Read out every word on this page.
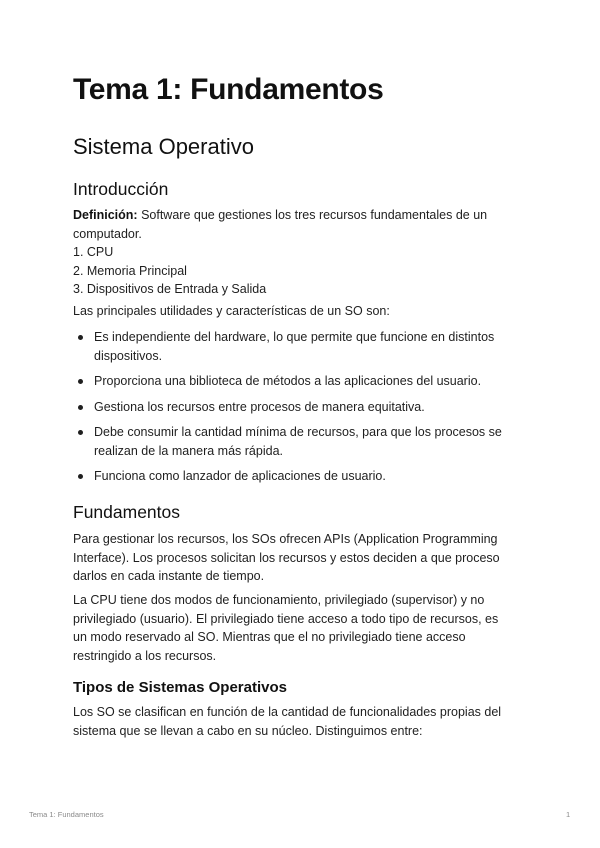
Tema 1: Fundamentos
Sistema Operativo
Introducción
Definición: Software que gestiones los tres recursos fundamentales de un
computador.
1. CPU
2. Memoria Principal
3. Dispositivos de Entrada y Salida

Las principales utilidades y características de un SO son:

Es independiente del hardware, lo que permite que funcione en distintos
dispositivos.
Proporciona una biblioteca de métodos a las aplicaciones del usuario.
Gestiona los recursos entre procesos de manera equitativa.
Debe consumir la cantidad mínima de recursos, para que los procesos se
realizan de la manera más rápida.
Funciona como lanzador de aplicaciones de usuario.
Fundamentos
Para gestionar los recursos, los SOs ofrecen APIs (Application Programming
Interface). Los procesos solicitan los recursos y estos deciden a que proceso
darlos en cada instante de tiempo.
La CPU tiene dos modos de funcionamiento, privilegiado (supervisor) y no
privilegiado (usuario). El privilegiado tiene acceso a todo tipo de recursos, es
un modo reservado al SO. Mientras que el no privilegiado tiene acceso
restringido a los recursos.
Tipos de Sistemas Operativos
Los SO se clasifican en función de la cantidad de funcionalidades propias del
sistema que se llevan a cabo en su núcleo. Distinguimos entre:
Tema 1: Fundamentos	1
